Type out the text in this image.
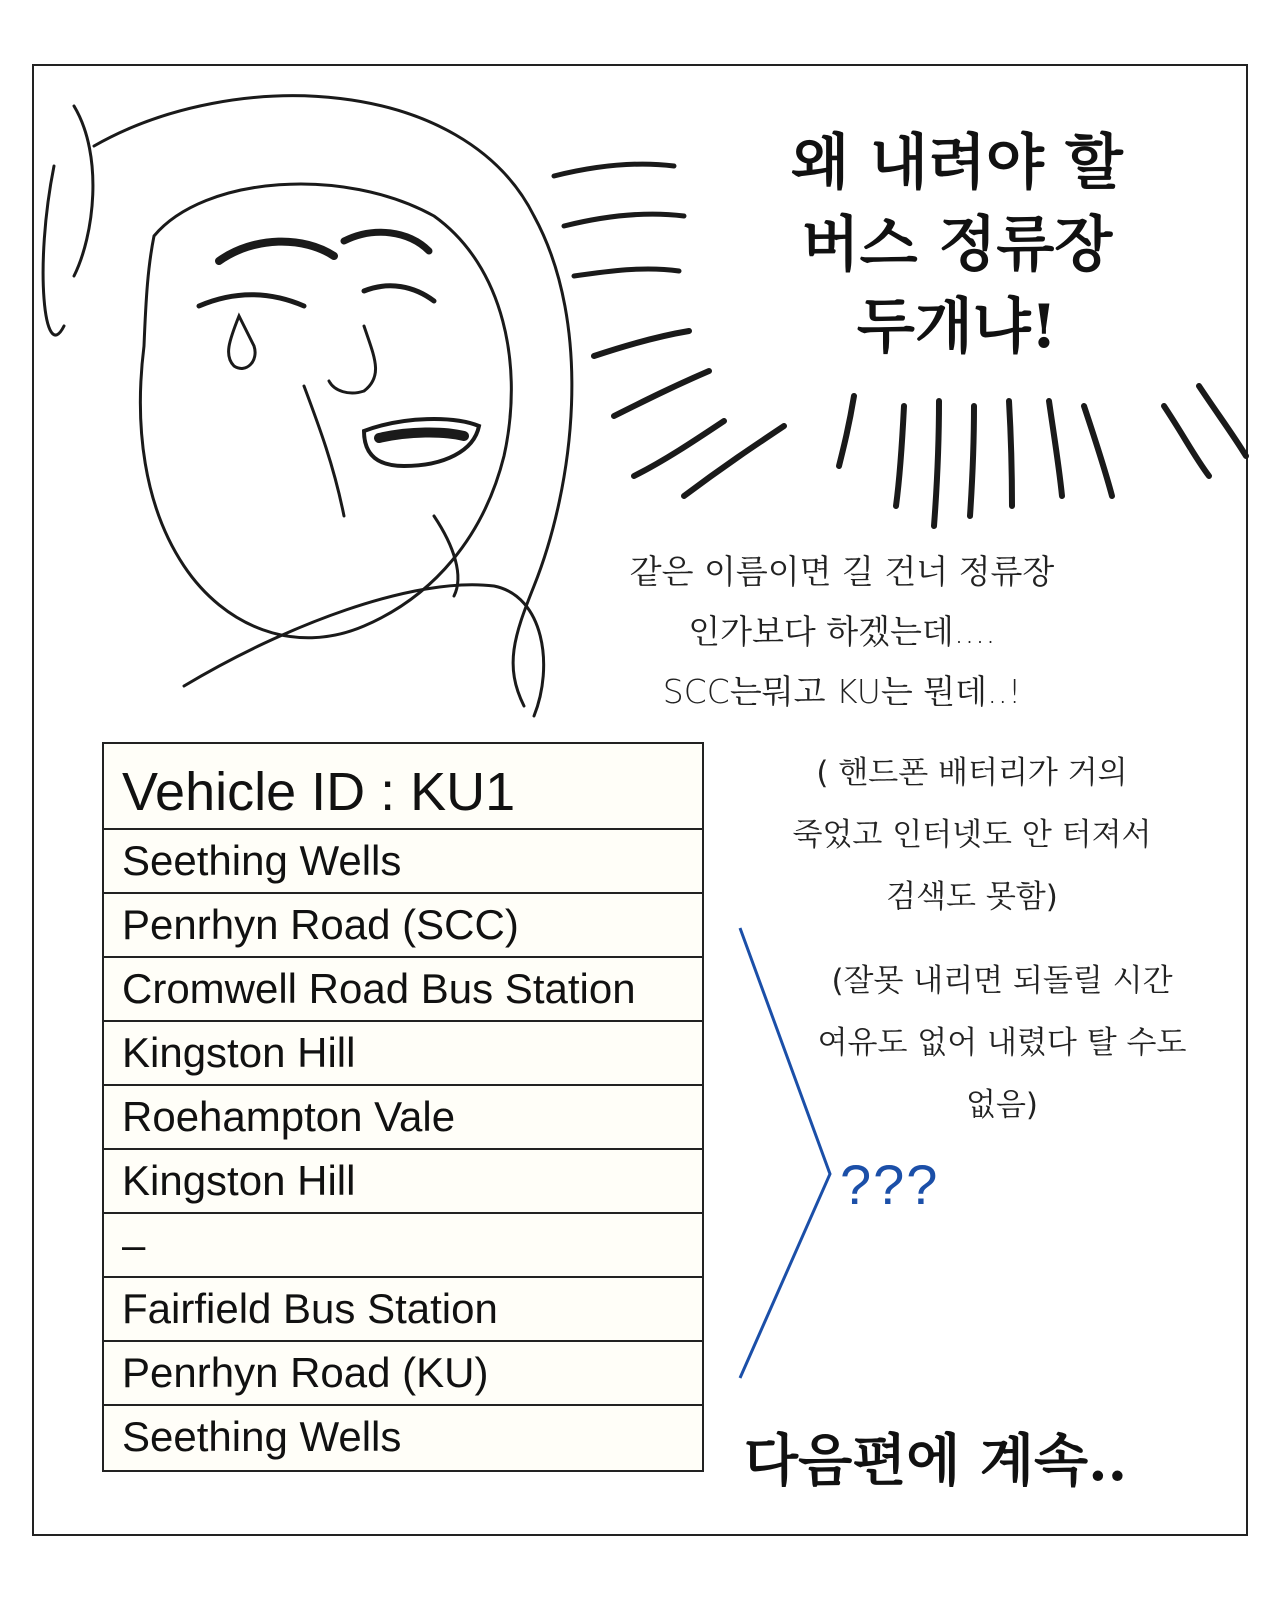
왜 내려야 할
버스 정류장
두개냐!
같은 이름이면 길 건너 정류장
인가보다 하겠는데....
SCC는뭐고 KU는 뭔데..!
Vehicle ID : KU1
Seething Wells
Penrhyn Road (SCC)
Cromwell Road Bus Station
Kingston Hill
Roehampton Vale
Kingston Hill
–
Fairfield Bus Station
Penrhyn Road (KU)
Seething Wells
( 핸드폰 배터리가 거의
죽었고 인터넷도 안 터져서
검색도 못함)
(잘못 내리면 되돌릴 시간
여유도 없어 내렸다 탈 수도
없음)
???
다음편에 계속..
